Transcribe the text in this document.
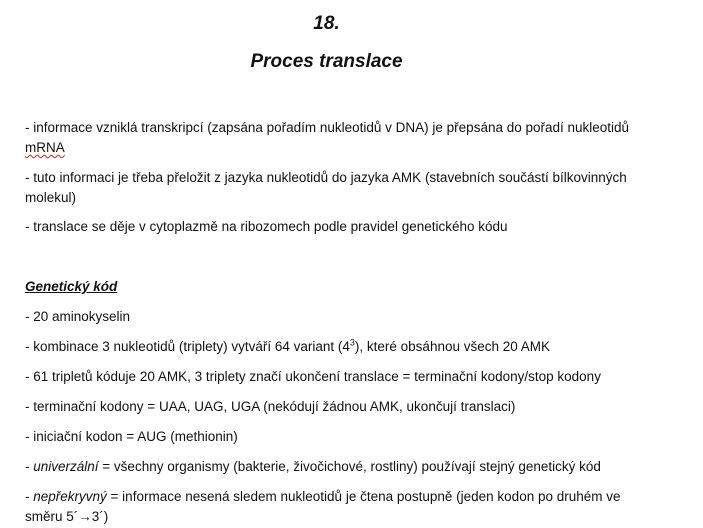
18.
Proces translace
- informace vzniklá transkripcí (zapsána pořadím nukleotidů v DNA) je přepsána do pořadí nukleotidů mRNA
- tuto informaci je třeba přeložit z jazyka nukleotidů do jazyka AMK (stavebních součástí bílkovinných molekul)
- translace se děje v cytoplazmě na ribozomech podle pravidel genetického kódu
Genetický kód
- 20 aminokyselin
- kombinace 3 nukleotidů (triplety) vytváří 64 variant $(4^3)$, které obsáhnou všech 20 AMK
- 61 tripletů kóduje 20 AMK, 3 triplety značí ukončení translace = terminační kodony/stop kodony
- terminační kodony = UAA, UAG, UGA (nekódují žádnou AMK, ukončují translaci)
- iniciační kodon = AUG (methionin)
- univerzální = všechny organismy (bakterie, živočichové, rostliny) používají stejný genetický kód
- nepřekryvný = informace nesená sledem nukleotidů je čtena postupně (jeden kodon po druhém ve směru 5´→3´)
